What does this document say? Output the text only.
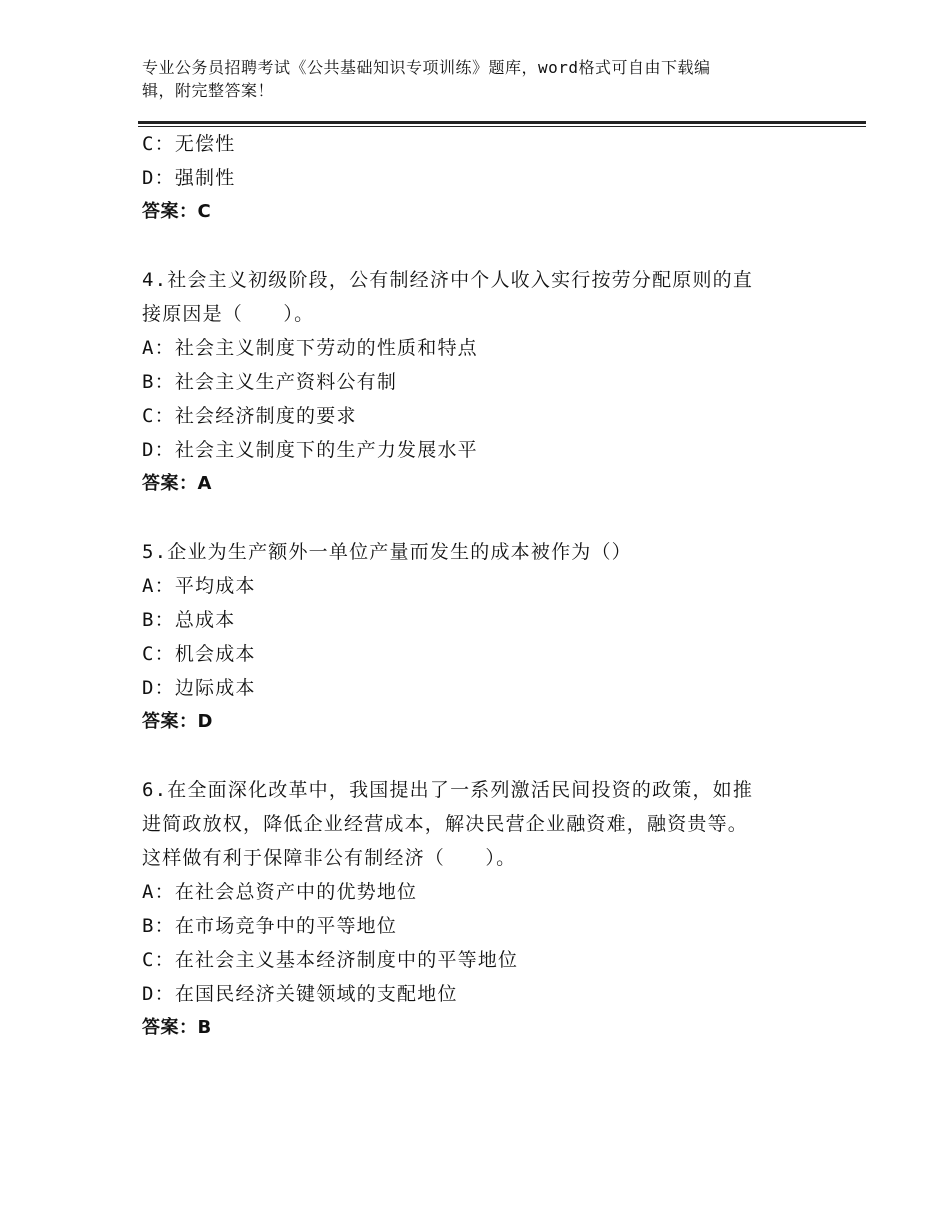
专业公务员招聘考试《公共基础知识专项训练》题库，word格式可自由下载编
辑，附完整答案！
C：无偿性
D：强制性
答案：C
4.社会主义初级阶段，公有制经济中个人收入实行按劳分配原则的直
接原因是（　　）。
A：社会主义制度下劳动的性质和特点
B：社会主义生产资料公有制
C：社会经济制度的要求
D：社会主义制度下的生产力发展水平
答案：A
5.企业为生产额外一单位产量而发生的成本被作为（）
A：平均成本
B：总成本
C：机会成本
D：边际成本
答案：D
6.在全面深化改革中，我国提出了一系列激活民间投资的政策，如推
进简政放权，降低企业经营成本，解决民营企业融资难，融资贵等。
这样做有利于保障非公有制经济（　　）。
A：在社会总资产中的优势地位
B：在市场竞争中的平等地位
C：在社会主义基本经济制度中的平等地位
D：在国民经济关键领域的支配地位
答案：B
